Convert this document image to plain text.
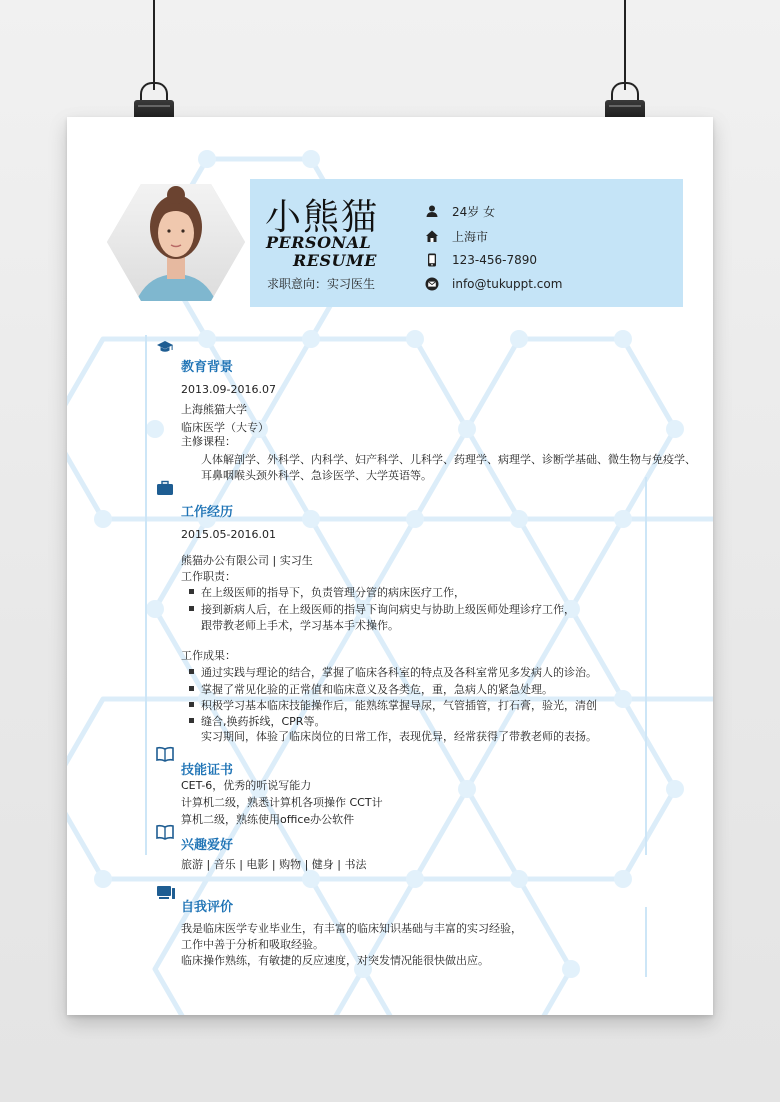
小熊猫
PERSONAL
RESUME
求职意向：实习医生
24岁 女
上海市
123-456-7890
info@tukuppt.com
教育背景
2013.09-2016.07
上海熊猫大学
临床医学（大专）
主修课程：
人体解剖学、外科学、内科学、妇产科学、儿科学、药理学、病理学、诊断学基础、微生物与免疫学、
耳鼻咽喉头颈外科学、急诊医学、大学英语等。
工作经历
2015.05-2016.01
熊猫办公有限公司 | 实习生
工作职责：
在上级医师的指导下，负责管理分管的病床医疗工作，
接到新病人后，在上级医师的指导下询问病史与协助上级医师处理诊疗工作，
跟带教老师上手术，学习基本手术操作。
工作成果：
通过实践与理论的结合，掌握了临床各科室的特点及各科室常见多发病人的诊治。
掌握了常见化验的正常值和临床意义及各类危，重，急病人的紧急处理。
积极学习基本临床技能操作后，能熟练掌握导尿，气管插管，打石膏，验光，清创
缝合,换药拆线，CPR等。
实习期间，体验了临床岗位的日常工作，表现优异，经常获得了带教老师的表扬。
技能证书
CET-6，优秀的听说写能力
计算机二级，熟悉计算机各项操作 CCT计
算机二级，熟练使用office办公软件
兴趣爱好
旅游 | 音乐 | 电影 | 购物 | 健身 | 书法
自我评价
我是临床医学专业毕业生，有丰富的临床知识基础与丰富的实习经验，
工作中善于分析和吸取经验。
临床操作熟练，有敏捷的反应速度，对突发情况能很快做出应。
